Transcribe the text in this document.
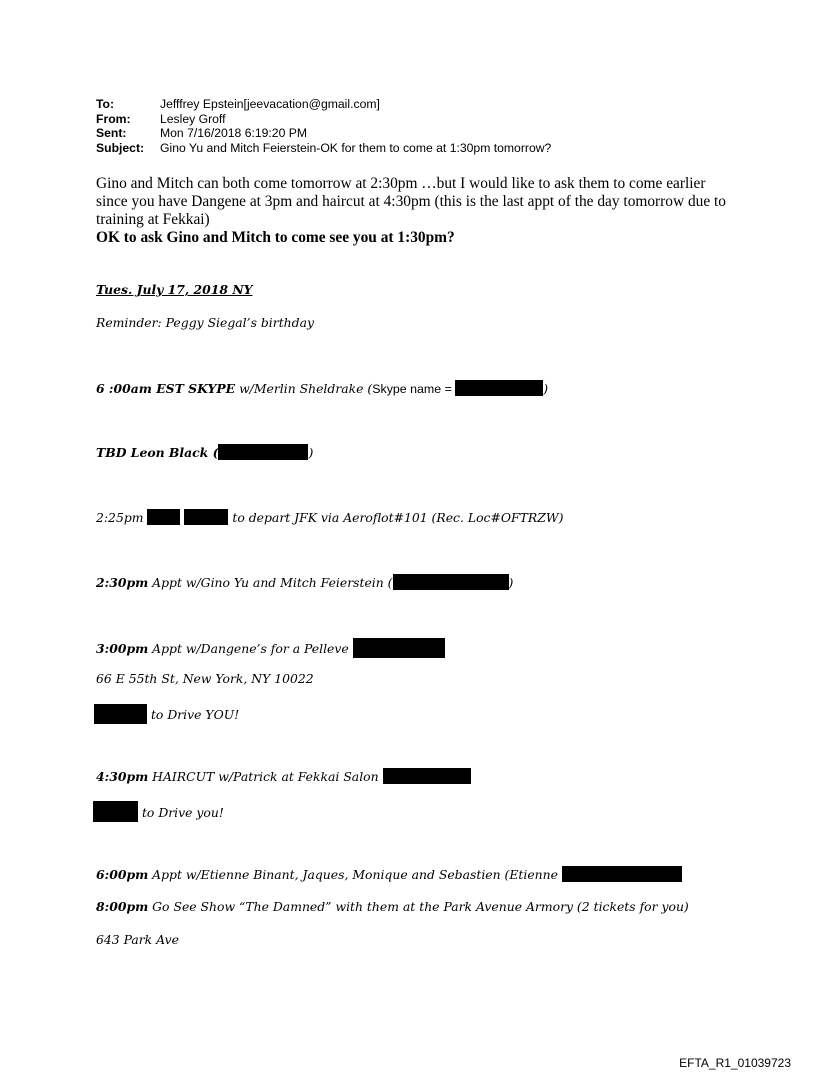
To:	Jefffrey Epstein[jeevacation@gmail.com]
From:	Lesley Groff
Sent:	Mon 7/16/2018 6:19:20 PM
Subject:	Gino Yu and Mitch Feierstein-OK for them to come at 1:30pm tomorrow?
Gino and Mitch can both come tomorrow at 2:30pm …but I would like to ask them to come earlier since you have Dangene at 3pm and haircut at 4:30pm (this is the last appt of the day tomorrow due to training at Fekkai)
OK to ask Gino and Mitch to come see you at 1:30pm?
Tues. July 17, 2018 NY
Reminder: Peggy Siegal’s birthday
6 :00am EST SKYPE w/Merlin Sheldrake (Skype name =	)
TBD Leon Black (	)
2:25pm	to depart JFK via Aeroflot#101 (Rec. Loc#OFTRZW)
2:30pm Appt w/Gino Yu and Mitch Feierstein (	)
3:00pm Appt w/Dangene’s for a Pelleve
66 E 55th St, New York, NY 10022
to Drive YOU!
4:30pm HAIRCUT w/Patrick at Fekkai Salon
to Drive you!
6:00pm Appt w/Etienne Binant, Jaques, Monique and Sebastien (Etienne
8:00pm Go See Show “The Damned” with them at the Park Avenue Armory (2 tickets for you)
643 Park Ave
EFTA_R1_01039723
